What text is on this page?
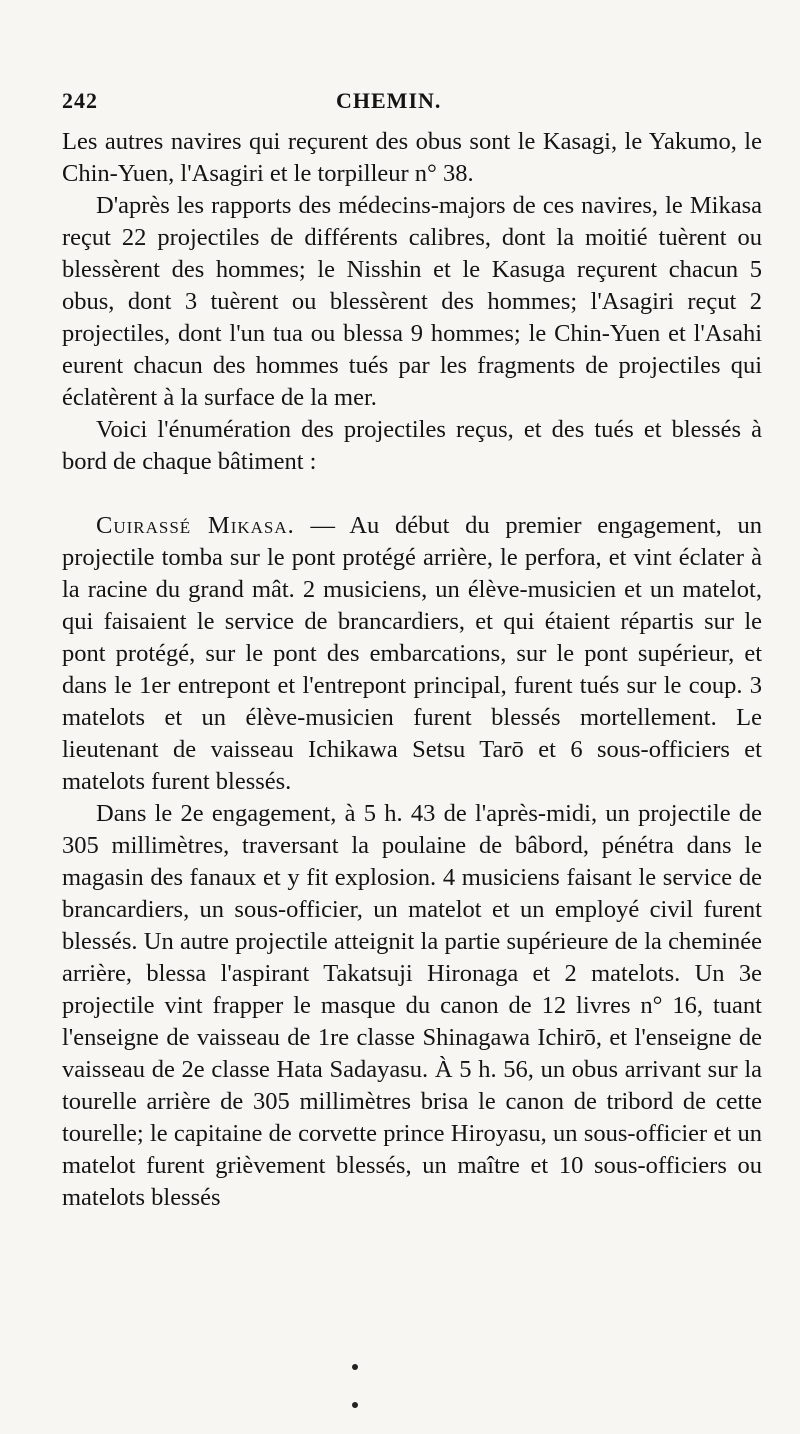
242	CHEMIN.

Les autres navires qui reçurent des obus sont le Kasagi, le Yakumo, le Chin-Yuen, l'Asagiri et le torpilleur n° 38.

D'après les rapports des médecins-majors de ces navires, le Mikasa reçut 22 projectiles de différents calibres, dont la moitié tuèrent ou blessèrent des hommes; le Nisshin et le Kasuga reçurent chacun 5 obus, dont 3 tuèrent ou blessèrent des hommes; l'Asagiri reçut 2 projectiles, dont l'un tua ou blessa 9 hommes; le Chin-Yuen et l'Asahi eurent chacun des hommes tués par les fragments de projectiles qui éclatèrent à la surface de la mer.

Voici l'énumération des projectiles reçus, et des tués et blessés à bord de chaque bâtiment :

Cuirassé Mikasa. — Au début du premier engagement, un projectile tomba sur le pont protégé arrière, le perfora, et vint éclater à la racine du grand mât. 2 musiciens, un élève-musicien et un matelot, qui faisaient le service de brancardiers, et qui étaient répartis sur le pont protégé, sur le pont des embarcations, sur le pont supérieur, et dans le 1er entrepont et l'entrepont principal, furent tués sur le coup. 3 matelots et un élève-musicien furent blessés mortellement. Le lieutenant de vaisseau Ichikawa Setsu Tarō et 6 sous-officiers et matelots furent blessés.

Dans le 2e engagement, à 5 h. 43 de l'après-midi, un projectile de 305 millimètres, traversant la poulaine de bâbord, pénétra dans le magasin des fanaux et y fit explosion. 4 musiciens faisant le service de brancardiers, un sous-officier, un matelot et un employé civil furent blessés. Un autre projectile atteignit la partie supérieure de la cheminée arrière, blessa l'aspirant Takatsuji Hironaga et 2 matelots. Un 3e projectile vint frapper le masque du canon de 12 livres n° 16, tuant l'enseigne de vaisseau de 1re classe Shinagawa Ichirō, et l'enseigne de vaisseau de 2e classe Hata Sadayasu. À 5 h. 56, un obus arrivant sur la tourelle arrière de 305 millimètres brisa le canon de tribord de cette tourelle; le capitaine de corvette prince Hiroyasu, un sous-officier et un matelot furent grièvement blessés, un maître et 10 sous-officiers ou matelots blessés
